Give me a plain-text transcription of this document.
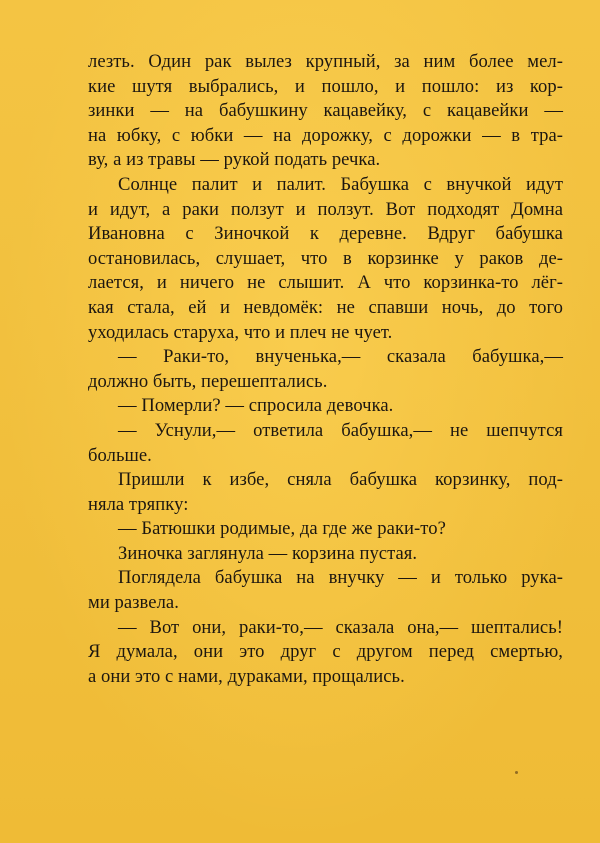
лезть. Один рак вылез крупный, за ним более мел-
кие шутя выбрались, и пошло, и пошло: из кор-
зинки — на бабушкину кацавейку, с кацавейки —
на юбку, с юбки — на дорожку, с дорожки — в тра-
ву, а из травы — рукой подать речка.
Солнце палит и палит. Бабушка с внучкой идут
и идут, а раки ползут и ползут. Вот подходят Домна
Ивановна с Зиночкой к деревне. Вдруг бабушка
остановилась, слушает, что в корзинке у раков де-
лается, и ничего не слышит. А что корзинка-то лёг-
кая стала, ей и невдомёк: не спавши ночь, до того
уходилась старуха, что и плеч не чует.
— Раки-то, внученька,— сказала бабушка,—
должно быть, перешептались.
— Померли? — спросила девочка.
— Уснули,— ответила бабушка,— не шепчутся
больше.
Пришли к избе, сняла бабушка корзинку, под-
няла тряпку:
— Батюшки родимые, да где же раки-то?
Зиночка заглянула — корзина пустая.
Поглядела бабушка на внучку — и только рука-
ми развела.
— Вот они, раки-то,— сказала она,— шептались!
Я думала, они это друг с другом перед смертью,
а они это с нами, дураками, прощались.
